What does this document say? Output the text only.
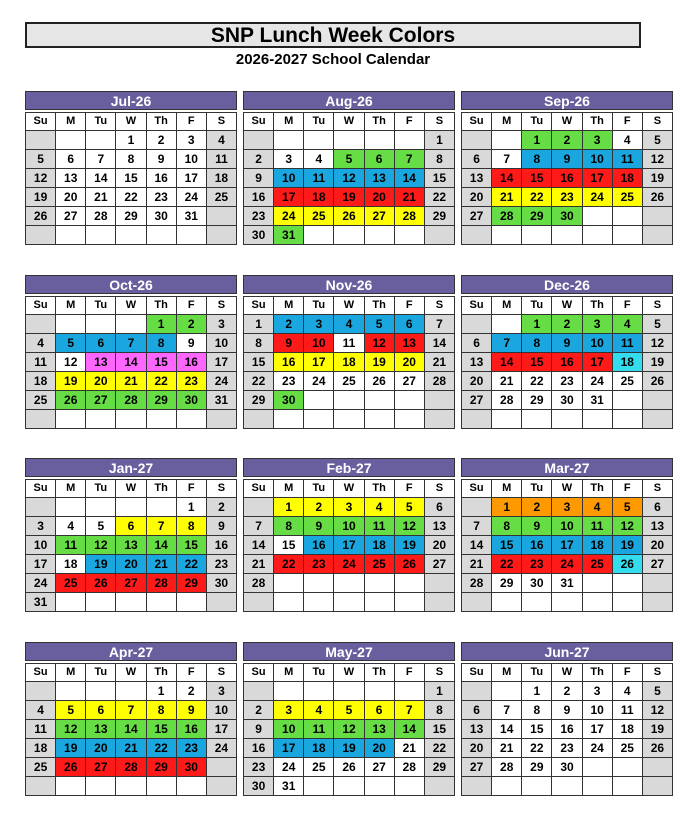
SNP Lunch Week Colors
2026-2027 School Calendar
Jul-26
Su	M	Tu	W	Th	F	S
			1	2	3	4
5	6	7	8	9	10	11
12	13	14	15	16	17	18
19	20	21	22	23	24	25
26	27	28	29	30	31	

Aug-26
Su	M	Tu	W	Th	F	S
						1
2	3	4	5	6	7	8
9	10	11	12	13	14	15
16	17	18	19	20	21	22
23	24	25	26	27	28	29
30	31					
Sep-26
Su	M	Tu	W	Th	F	S
		1	2	3	4	5
6	7	8	9	10	11	12
13	14	15	16	17	18	19
20	21	22	23	24	25	26
27	28	29	30			

Oct-26
Su	M	Tu	W	Th	F	S
				1	2	3
4	5	6	7	8	9	10
11	12	13	14	15	16	17
18	19	20	21	22	23	24
25	26	27	28	29	30	31

Nov-26
Su	M	Tu	W	Th	F	S
1	2	3	4	5	6	7
8	9	10	11	12	13	14
15	16	17	18	19	20	21
22	23	24	25	26	27	28
29	30					

Dec-26
Su	M	Tu	W	Th	F	S
		1	2	3	4	5
6	7	8	9	10	11	12
13	14	15	16	17	18	19
20	21	22	23	24	25	26
27	28	29	30	31		

Jan-27
Su	M	Tu	W	Th	F	S
					1	2
3	4	5	6	7	8	9
10	11	12	13	14	15	16
17	18	19	20	21	22	23
24	25	26	27	28	29	30
31						
Feb-27
Su	M	Tu	W	Th	F	S
	1	2	3	4	5	6
7	8	9	10	11	12	13
14	15	16	17	18	19	20
21	22	23	24	25	26	27
28						

Mar-27
Su	M	Tu	W	Th	F	S
	1	2	3	4	5	6
7	8	9	10	11	12	13
14	15	16	17	18	19	20
21	22	23	24	25	26	27
28	29	30	31			

Apr-27
Su	M	Tu	W	Th	F	S
				1	2	3
4	5	6	7	8	9	10
11	12	13	14	15	16	17
18	19	20	21	22	23	24
25	26	27	28	29	30	

May-27
Su	M	Tu	W	Th	F	S
						1
2	3	4	5	6	7	8
9	10	11	12	13	14	15
16	17	18	19	20	21	22
23	24	25	26	27	28	29
30	31					
Jun-27
Su	M	Tu	W	Th	F	S
		1	2	3	4	5
6	7	8	9	10	11	12
13	14	15	16	17	18	19
20	21	22	23	24	25	26
27	28	29	30			
